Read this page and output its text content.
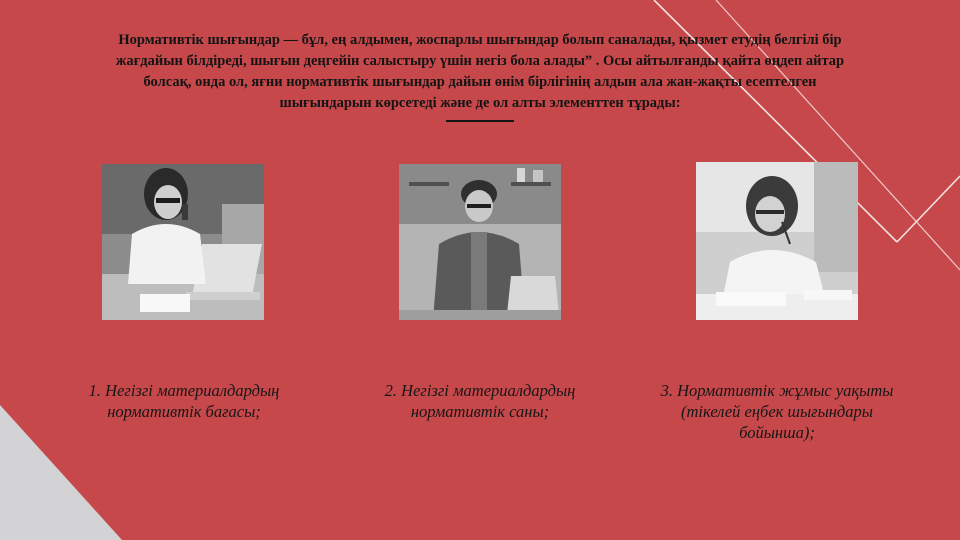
Нормативтік шығындар — бұл, ең алдымен, жоспарлы шығындар болып саналады, қызмет етудің белгілі бір жағдайын білдіреді, шығын деңгейін салыстыру үшін негіз бола алады” . Осы айтылғанды қайта өңдеп айтар болсақ, онда ол, яғни нормативтік шығындар дайын өнім бірлігінің алдын ала жан-жақты есептелген шығындарын көрсетеді және де ол алты элементтен тұрады:

1. Негізгі материалдардың нормативтік бағасы;

2. Негізгі материалдардың нормативтік саны;

3. Нормативтік жұмыс уақыты (тікелей еңбек шығындары бойынша);
